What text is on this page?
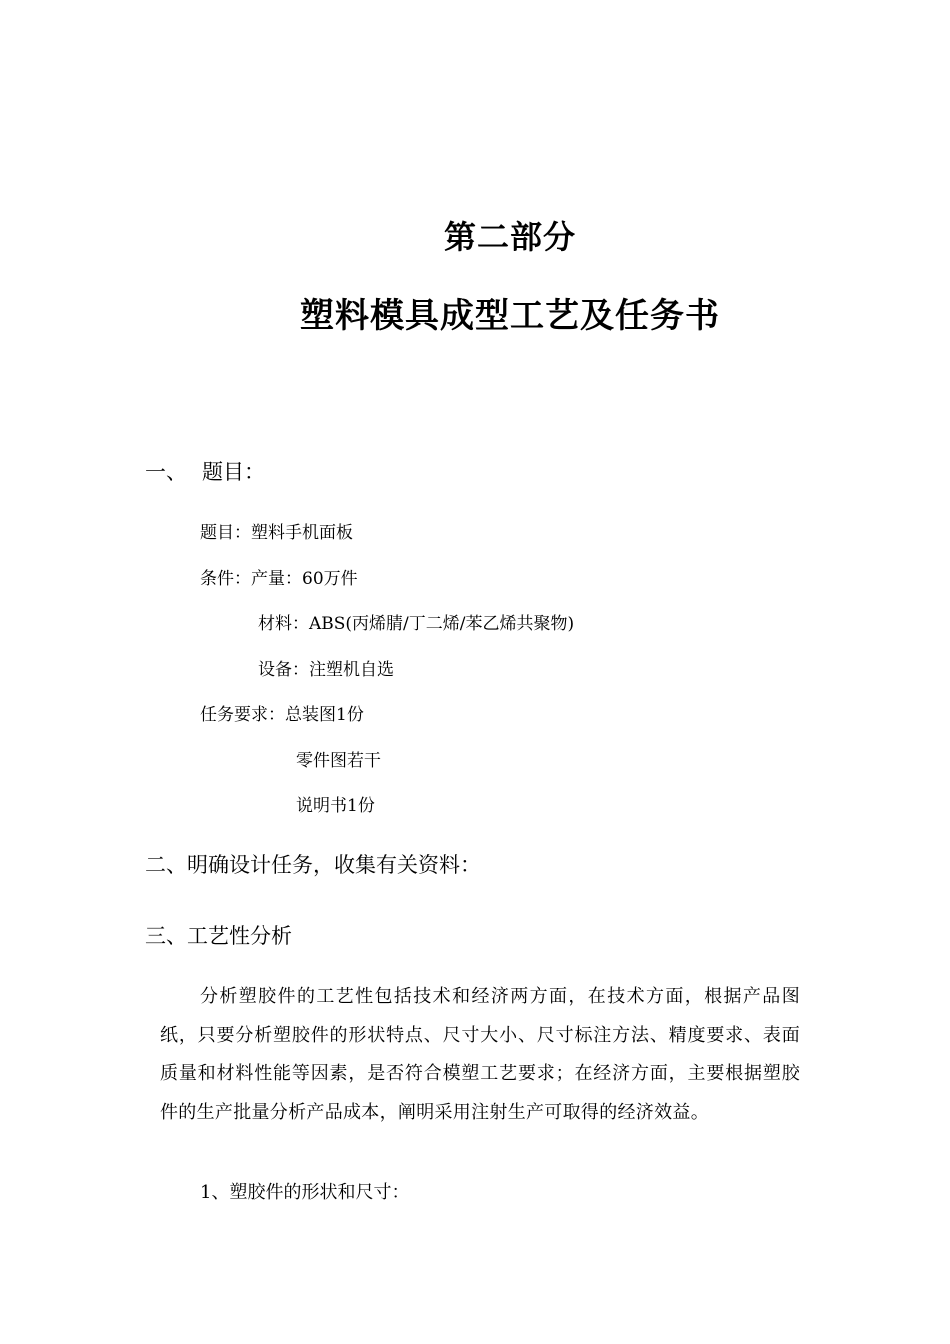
第二部分
塑料模具成型工艺及任务书
一、 题目：
题目：塑料手机面板
条件：产量：60万件
材料：ABS(丙烯腈/丁二烯/苯乙烯共聚物)
设备：注塑机自选
任务要求：总装图1份
零件图若干
说明书1份
二、明确设计任务，收集有关资料：
三、工艺性分析
分析塑胶件的工艺性包括技术和经济两方面，在技术方面，根据产品图纸，只要分析塑胶件的形状特点、尺寸大小、尺寸标注方法、精度要求、表面质量和材料性能等因素，是否符合模塑工艺要求；在经济方面，主要根据塑胶件的生产批量分析产品成本，阐明采用注射生产可取得的经济效益。
1、塑胶件的形状和尺寸：
